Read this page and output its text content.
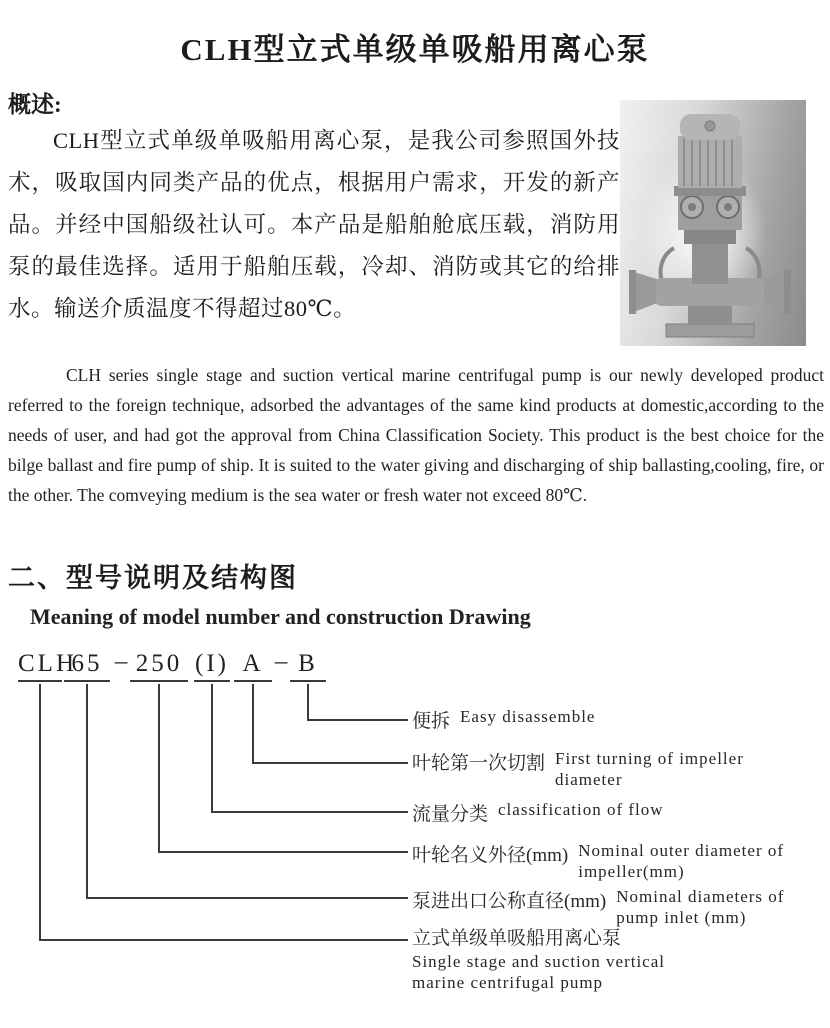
CLH型立式单级单吸船用离心泵
概述:

CLH型立式单级单吸船用离心泵，是我公司参照国外技术，吸取国内同类产品的优点，根据用户需求，开发的新产品。并经中国船级社认可。本产品是船舶舱底压载，消防用泵的最佳选择。适用于船舶压载，冷却、消防或其它的给排水。输送介质温度不得超过80℃。

CLH series single stage and suction vertical marine centrifugal pump is our newly developed product referred to the foreign technique, adsorbed the advantages of the same kind products at domestic,according to the needs of user, and had got the approval from China Classification Society. This product is the best choice for the bilge ballast and fire pump of ship. It is suited to the water giving and discharging of ship ballasting,cooling, fire, or the other. The comveying medium is the sea water or fresh water not exceed 80℃.

二、型号说明及结构图
Meaning of model number and construction Drawing
CLH
65 – 250 (I) A – B
便拆 Easy disassemble
叶轮第一次切割 First turning of impeller
diameter
流量分类 classification of flow
叶轮名义外径(mm) Nominal outer diameter of
impeller(mm)
泵进出口公称直径(mm) Nominal diameters of
pump inlet (mm)
立式单级单吸船用离心泵
Single stage and suction vertical
marine centrifugal pump
